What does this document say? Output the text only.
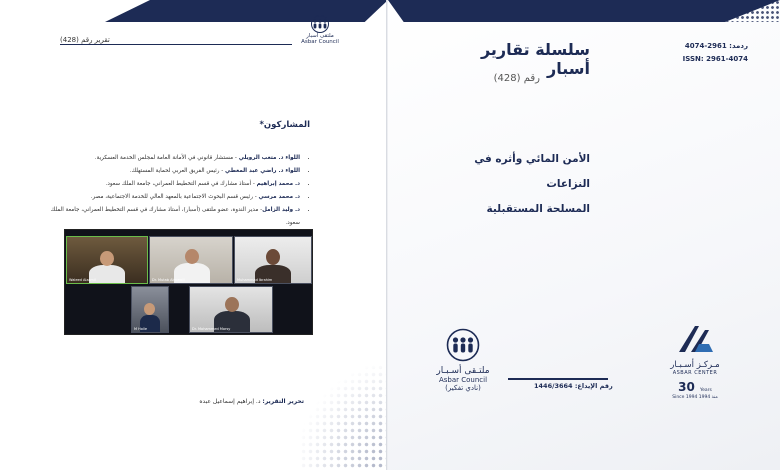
تقرير رقم (428)	ملتقى أسبار
Asbar Council
المشاركون*
• اللواء د. متعب الرويلي - مستشار قانوني في الأمانة العامة لمجلس الخدمة العسكرية.
• اللواء د. راضي عبد المعطي - رئيس الفريق العربي لحماية المستهلك.
• د. محمد إبراهيم - أستاذ مشارك في قسم التخطيط العمراني، جامعة الملك سعود.
• د. محمد مرسي - رئيس قسم البحوث الاجتماعية بالمعهد العالي للخدمة الاجتماعية، مصر.
• د. وليد الزامل- مدير الندوة، عضو ملتقى (أسبار)، أستاذ مشارك في قسم التخطيط العمراني، جامعة الملك سعود.
Waleed Alzamil	Dr. Mutab Alrowaili	Muhammad Ibrahim
M Holle	Dr. Mohammed Morsy
تحرير التقرير: د. إبراهيم إسماعيل عبده
سلسلة تقارير أسبار
رقم (428)
ردمد: 2961-4074
ISSN: 2961-4074
الأمن المائي وأثره في النزاعات
المسلحة المستقبلية
ملتـقى أسـبـار
Asbar Council
(نادي تفكير)	رقم الإيداع: 1446/3664
مـركـز أسـبـار
ASBAR CENTER
30 Years
Since 1994 منذ 1994
